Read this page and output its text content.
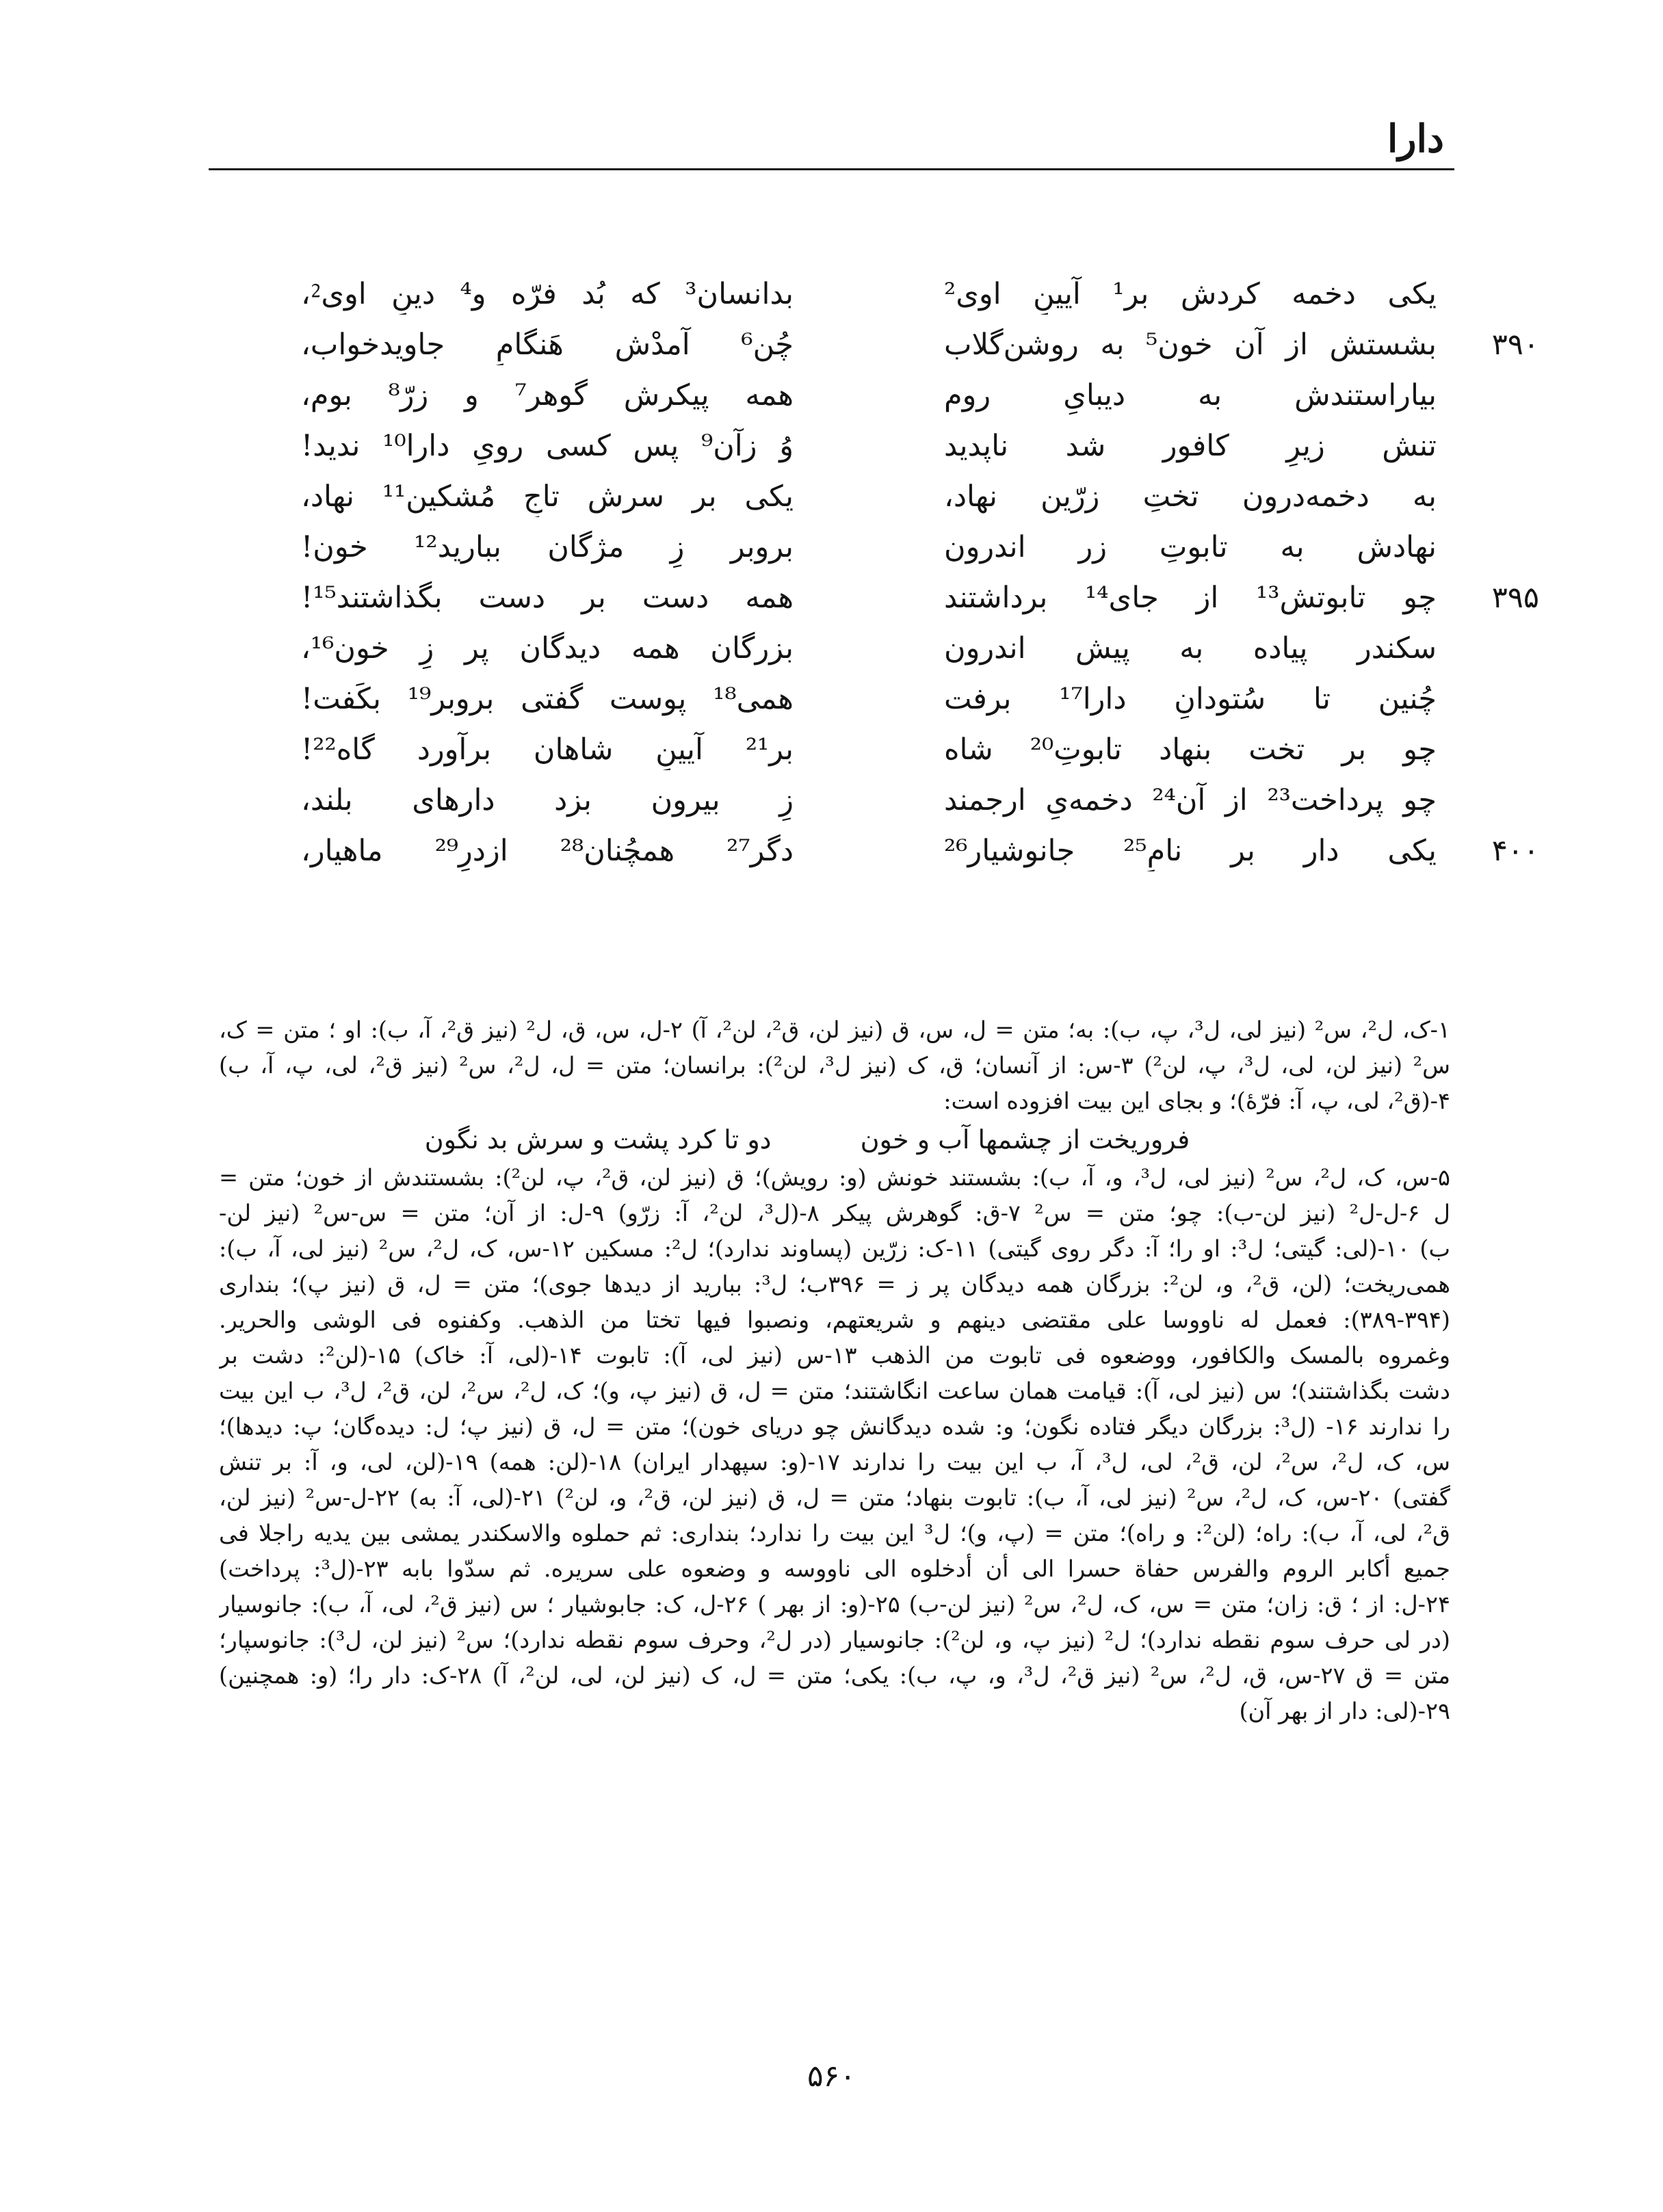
د‌ا‌ر‌ا
یکی دخمه کردش بر¹ آیینِ اوی²
بدانسان³ که بُد فرّه و⁴ دینِ اوی⁲،
۳۹۰
بشستش از آن خون⁵ به روشن‌گلاب
چُن⁶ آمدْش هَنگامِ جاویدخواب،
بیاراستندش به دیبایِ روم
همه پیکرش گوهر⁷ و زرّ⁸ بوم،
تنش زیرِ کافور شد ناپدید
وُ زآن⁹ پس کسی رویِ دارا¹⁰ ندید!
به دخمه‌درون تختِ زرّین نهاد،
یکی بر سرش تاجِ مُشکین¹¹ نهاد،
نهادش به تابوتِ زر اندرون
بروبر زِ مژگان ببارید¹² خون!
۳۹۵
چو تابوتش¹³ از جای¹⁴ برداشتند
همه دست بر دست بگذاشتند¹⁵!
سکندر پیاده به پیش اندرون
بزرگان همه دیدگان پر زِ خون¹⁶،
چُنین تا سُتودانِ دارا¹⁷ برفت
همی¹⁸ پوست گفتی بروبر¹⁹ بکَفت!
چو بر تخت بنهاد تابوتِ²⁰ شاه
بر²¹ آیینِ شاهان برآورد گاه²²!
چو پرداخت²³ از آن²⁴ دخمه‌یِ ارجمند
زِ بیرون بزد دارهای بلند،
۴۰۰
یکی دار بر نامِ²⁵ جانوشیار²⁶
دگر²⁷ همچُنان²⁸ ازدرِ²⁹ ماهیار،
۱-ک، ل²، س² (نیز لی، ل³، پ، ب): به؛ متن = ل، س، ق (نیز لن، ق²، لن²، آ) ۲-ل، س، ق، ل² (نیز ق²، آ، ب): او ؛ متن = ک،
س² (نیز لن، لی، ل³، پ، لن²) ۳-س: از آنسان؛ ق، ک (نیز ل³، لن²): برانسان؛ متن = ل، ل²، س² (نیز ق²، لی، پ، آ، ب)
۴-(ق²، لی، پ، آ: فرّهٔ)؛ و بجای این بیت افزوده است:
فروریخت از چشمها آب و خون
دو تا کرد پشت و سرش بد نگون
۵-س، ک، ل²، س² (نیز لی، ل³، و، آ، ب): بشستند خونش (و: رویش)؛ ق (نیز لن، ق²، پ، لن²): بشستندش از خون؛ متن =
ل ۶-ل-ل² (نیز لن-ب): چو؛ متن = س² ۷-ق: گوهرش پیکر ۸-(ل³، لن²، آ: زرّو) ۹-ل: از آن؛ متن = س-س² (نیز لن-
ب) ۱۰-(لی: گیتی؛ ل³: او را؛ آ: دگر روی گیتی) ۱۱-ک: زرّین (پساوند ندارد)؛ ل²: مسکین ۱۲-س، ک، ل²، س² (نیز لی، آ، ب):
همی‌ریخت؛ (لن، ق²، و، لن²: بزرگان همه دیدگان پر ز = ۳۹۶ب؛ ل³: ببارید از دیدها جوی)؛ متن = ل، ق (نیز پ)؛ بنداری
(۳۸۹-۳۹۴): فعمل له ناووسا علی مقتضی دینهم و شریعتهم، ونصبوا فیها تختا من الذهب. وکفنوه فی الوشی والحریر.
وغمروه بالمسک والکافور، ووضعوه فی تابوت من الذهب ۱۳-س (نیز لی، آ): تابوت ۱۴-(لی، آ: خاک) ۱۵-(لن²: دشت بر
دشت بگذاشتند)؛ س (نیز لی، آ): قیامت همان ساعت انگاشتند؛ متن = ل، ق (نیز پ، و)؛ ک، ل²، س²، لن، ق²، ل³، ب این بیت
را ندارند ۱۶- (ل³: بزرگان دیگر فتاده نگون؛ و: شده دیدگانش چو دریای خون)؛ متن = ل، ق (نیز پ؛ ل: دیده‌گان؛ پ: دیدها)؛
س، ک، ل²، س²، لن، ق²، لی، ل³، آ، ب این بیت را ندارند ۱۷-(و: سپهدار ایران) ۱۸-(لن: همه) ۱۹-(لن، لی، و، آ: بر تنش
گفتی) ۲۰-س، ک، ل²، س² (نیز لی، آ، ب): تابوت بنهاد؛ متن = ل، ق (نیز لن، ق²، و، لن²) ۲۱-(لی، آ: به) ۲۲-ل-س² (نیز لن،
ق²، لی، آ، ب): راه؛ (لن²: و راه)؛ متن = (پ، و)؛ ل³ این بیت را ندارد؛ بنداری: ثم حملوه والاسکندر یمشی بین یدیه راجلا فی
جمیع أکابر الروم والفرس حفاة حسرا الی أن أدخلوه الی ناووسه و وضعوه علی سریره. ثم سدّوا بابه ۲۳-(ل³: پرداخت)
۲۴-ل: از ؛ ق: زان؛ متن = س، ک، ل²، س² (نیز لن-ب) ۲۵-(و: از بهر ) ۲۶-ل، ک: جابوشیار ؛ س (نیز ق²، لی، آ، ب): جانوسیار
(در لی حرف سوم نقطه ندارد)؛ ل² (نیز پ، و، لن²): جانوسیار (در ل²، وحرف سوم نقطه ندارد)؛ س² (نیز لن، ل³): جانوسپار؛
متن = ق ۲۷-س، ق، ل²، س² (نیز ق²، ل³، و، پ، ب): یکی؛ متن = ل، ک (نیز لن، لی، لن²، آ) ۲۸-ک: دار را؛ (و: همچنین)
۲۹-(لی: دار از بهر آن)
۵۶۰
